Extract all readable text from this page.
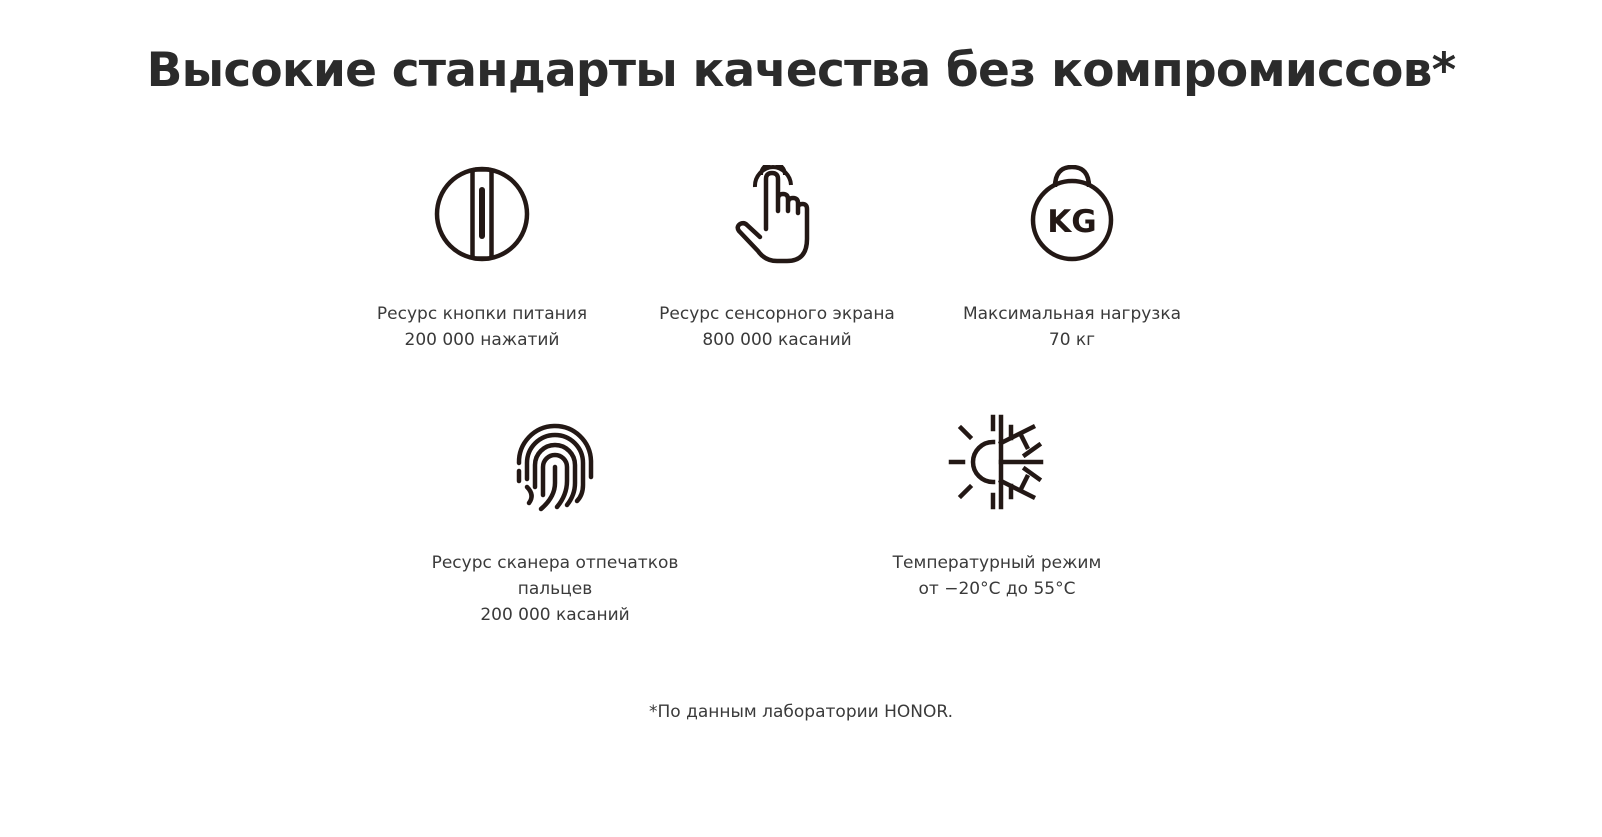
Высокие стандарты качества без компромиссов*
Ресурс кнопки питания
200 000 нажатий
Ресурс сенсорного экрана
800 000 касаний
KG
Максимальная нагрузка
70 кг
Ресурс сканера отпечатков
пальцев
200 000 касаний
Температурный режим
от −20°C до 55°C
*По данным лаборатории HONOR.
